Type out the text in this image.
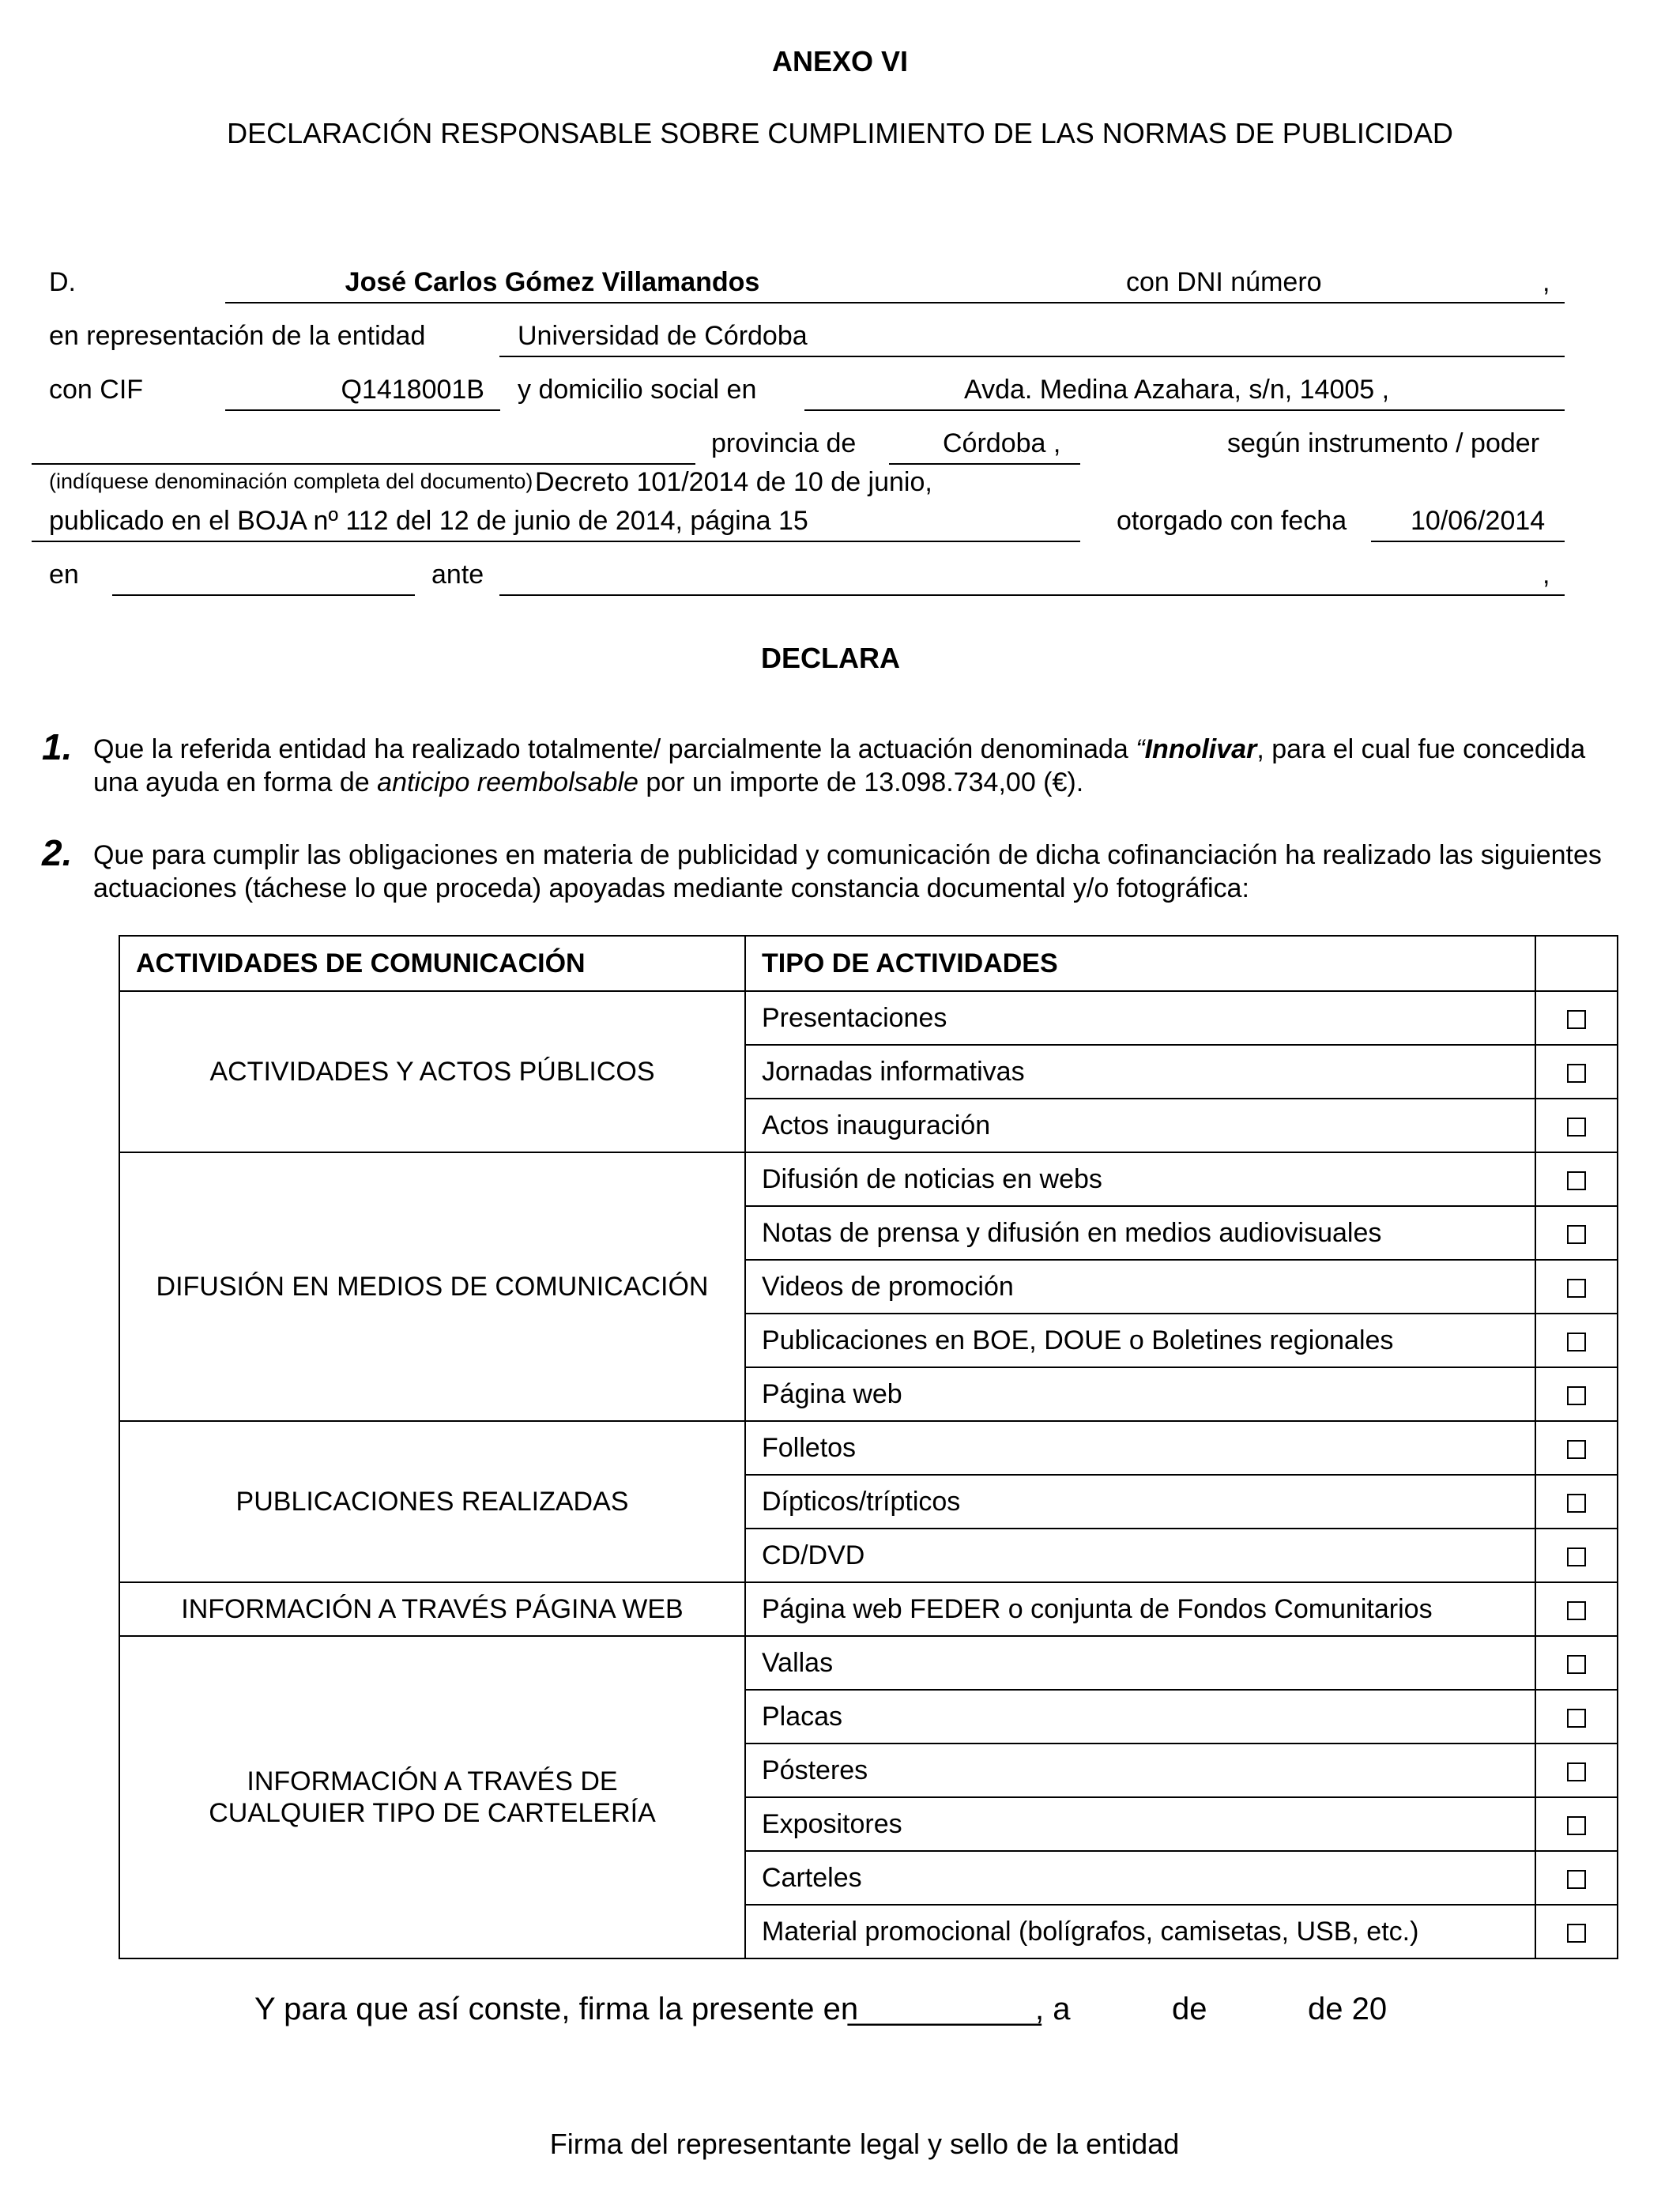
ANEXO VI
DECLARACIÓN RESPONSABLE SOBRE CUMPLIMIENTO DE LAS NORMAS DE PUBLICIDAD
D.	José Carlos Gómez Villamandos	con DNI número	,
en representación de la entidad	Universidad de Córdoba
con CIF	Q1418001B y domicilio social en	Avda. Medina Azahara, s/n, 14005 ,
provincia de	Córdoba ,	según instrumento / poder
(indíquese denominación completa del documento) Decreto 101/2014 de 10 de junio,
publicado en el BOJA nº 112 del 12 de junio de 2014, página 15	otorgado con fecha 10/06/2014
en	ante	,
DECLARA
1. Que la referida entidad ha realizado totalmente/ parcialmente la actuación denominada “Innolivar, para el cual fue concedida
una ayuda en forma de anticipo reembolsable por un importe de 13.098.734,00 (€).
2. Que para cumplir las obligaciones en materia de publicidad y comunicación de dicha cofinanciación ha realizado las siguientes
actuaciones (táchese lo que proceda) apoyadas mediante constancia documental y/o fotográfica:
ACTIVIDADES DE COMUNICACIÓN	TIPO DE ACTIVIDADES	
ACTIVIDADES Y ACTOS PÚBLICOS	Presentaciones	
	Jornadas informativas	
	Actos inauguración	
DIFUSIÓN EN MEDIOS DE COMUNICACIÓN	Difusión de noticias en webs	
	Notas de prensa y difusión en medios audiovisuales	
	Videos de promoción	
	Publicaciones en BOE, DOUE o Boletines regionales	
	Página web	
PUBLICACIONES REALIZADAS	Folletos	
	Dípticos/trípticos	
	CD/DVD	
INFORMACIÓN A TRAVÉS PÁGINA WEB	Página web FEDER o conjunta de Fondos Comunitarios	
INFORMACIÓN A TRAVÉS DE CUALQUIER TIPO DE CARTELERÍA	Vallas	
	Placas	
	Pósteres	
	Expositores	
	Carteles	
	Material promocional (bolígrafos, camisetas, USB, etc.)	
Y para que así conste, firma la presente en
___________
, a	de	de 20
Firma del representante legal y sello de la entidad
